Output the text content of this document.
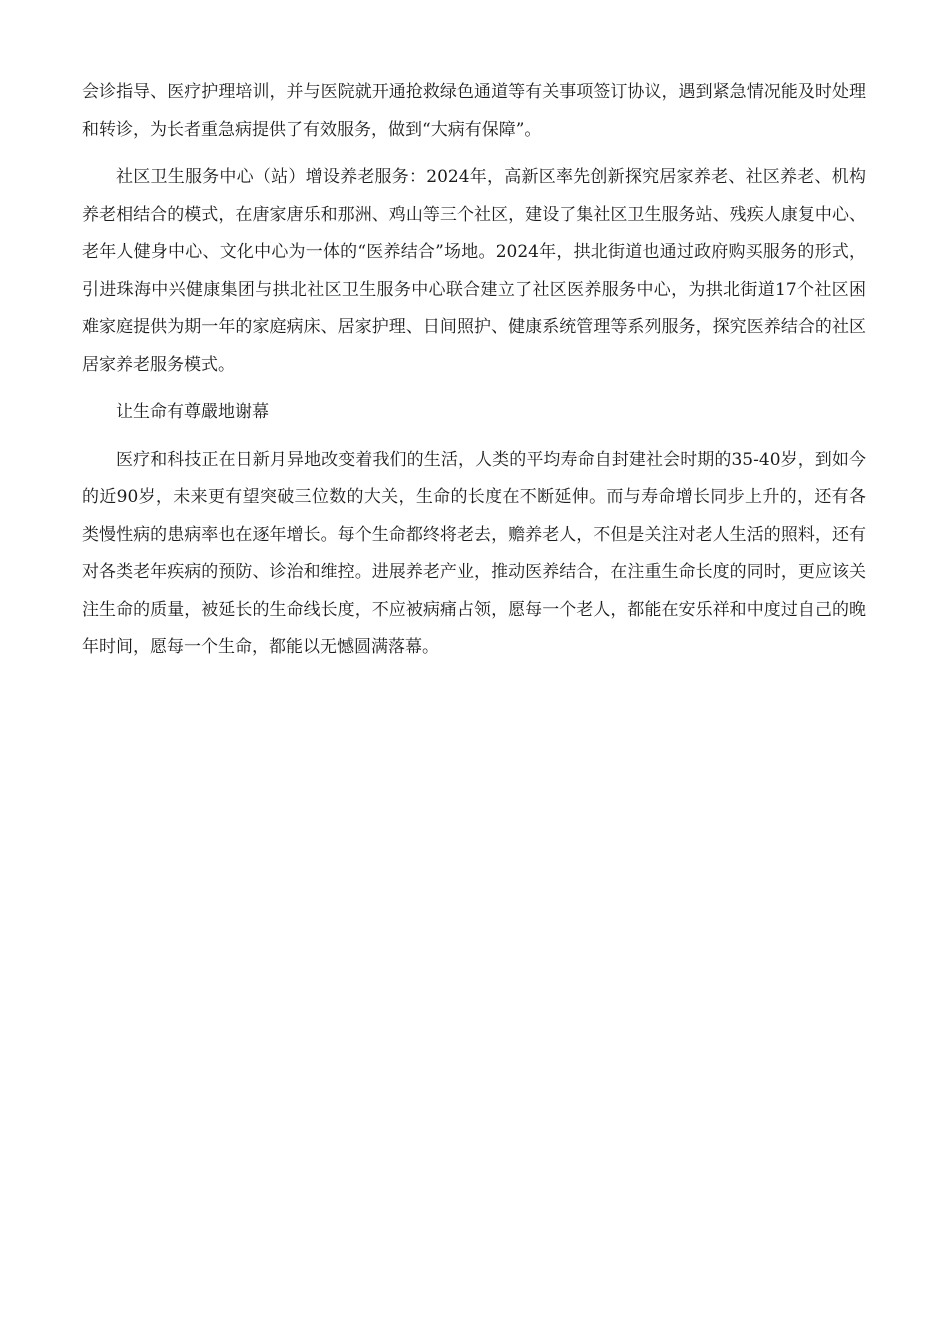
会诊指导、医疗护理培训，并与医院就开通抢救绿色通道等有关事项签订协议，遇到紧急情况能及时处理和转诊，为长者重急病提供了有效服务，做到“大病有保障”。

社区卫生服务中心（站）增设养老服务：2024年，高新区率先创新探究居家养老、社区养老、机构养老相结合的模式，在唐家唐乐和那洲、鸡山等三个社区，建设了集社区卫生服务站、残疾人康复中心、老年人健身中心、文化中心为一体的“医养结合”场地。2024年，拱北街道也通过政府购买服务的形式，引进珠海中兴健康集团与拱北社区卫生服务中心联合建立了社区医养服务中心，为拱北街道17个社区困难家庭提供为期一年的家庭病床、居家护理、日间照护、健康系统管理等系列服务，探究医养结合的社区居家养老服务模式。

让生命有尊嚴地谢幕

医疗和科技正在日新月异地改变着我们的生活，人类的平均寿命自封建社会时期的35-40岁，到如今的近90岁，未来更有望突破三位数的大关，生命的长度在不断延伸。而与寿命增长同步上升的，还有各类慢性病的患病率也在逐年增长。每个生命都终将老去，赡养老人，不但是关注对老人生活的照料，还有对各类老年疾病的预防、诊治和维控。进展养老产业，推动医养结合，在注重生命长度的同时，更应该关注生命的质量，被延长的生命线长度，不应被病痛占领，愿每一个老人，都能在安乐祥和中度过自己的晚年时间，愿每一个生命，都能以无憾圆满落幕。
